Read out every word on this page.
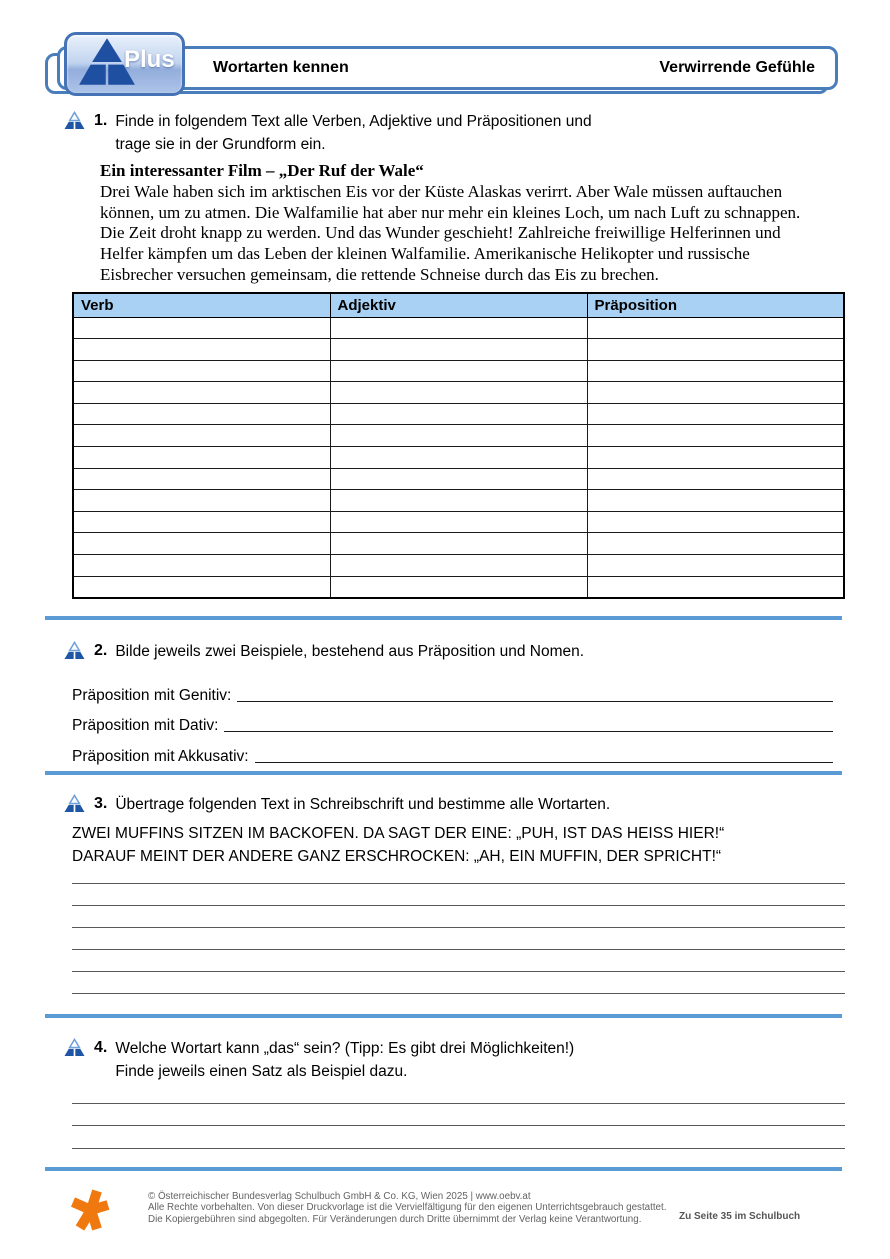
Wortarten kennen	Verwirrende Gefühle
Plus
1. Finde in folgendem Text alle Verben, Adjektive und Präpositionen und
trage sie in der Grundform ein.
Ein interessanter Film – „Der Ruf der Wale“
Drei Wale haben sich im arktischen Eis vor der Küste Alaskas verirrt. Aber Wale müssen auftauchen
können, um zu atmen. Die Walfamilie hat aber nur mehr ein kleines Loch, um nach Luft zu schnappen.
Die Zeit droht knapp zu werden. Und das Wunder geschieht! Zahlreiche freiwillige Helferinnen und
Helfer kämpfen um das Leben der kleinen Walfamilie. Amerikanische Helikopter und russische
Eisbrecher versuchen gemeinsam, die rettende Schneise durch das Eis zu brechen.
Verb	Adjektiv	Präposition

2. Bilde jeweils zwei Beispiele, bestehend aus Präposition und Nomen.
Präposition mit Genitiv:
Präposition mit Dativ:
Präposition mit Akkusativ:
3. Übertrage folgenden Text in Schreibschrift und bestimme alle Wortarten.
ZWEI MUFFINS SITZEN IM BACKOFEN. DA SAGT DER EINE: „PUH, IST DAS HEISS HIER!“
DARAUF MEINT DER ANDERE GANZ ERSCHROCKEN: „AH, EIN MUFFIN, DER SPRICHT!“
4. Welche Wortart kann „das“ sein? (Tipp: Es gibt drei Möglichkeiten!)
Finde jeweils einen Satz als Beispiel dazu.
© Österreichischer Bundesverlag Schulbuch GmbH & Co. KG, Wien 2025 | www.oebv.at
Alle Rechte vorbehalten. Von dieser Druckvorlage ist die Vervielfältigung für den eigenen Unterrichtsgebrauch gestattet.
Die Kopiergebühren sind abgegolten. Für Veränderungen durch Dritte übernimmt der Verlag keine Verantwortung.	Zu Seite 35 im Schulbuch
